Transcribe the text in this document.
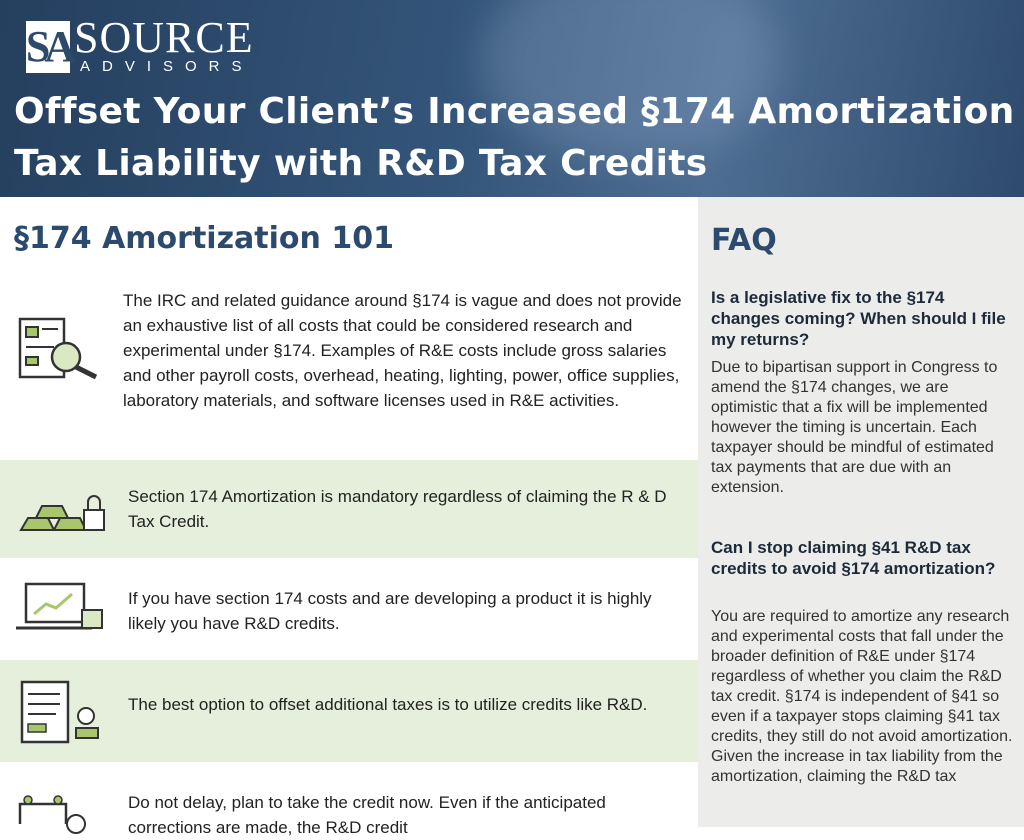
SA SOURCE
ADVISORS
Offset Your Client’s Increased §174 Amortization
Tax Liability with R&D Tax Credits
§174 Amortization 101
The IRC and related guidance around §174 is vague and does not provide an exhaustive list of all costs that could be considered research and experimental under §174. Examples of R&E costs include gross salaries and other payroll costs, overhead, heating, lighting, power, office supplies, laboratory materials, and software licenses used in R&E activities.

Section 174 Amortization is mandatory regardless of claiming the R & D Tax Credit.

If you have section 174 costs and are developing a product it is highly likely you have R&D credits.

The best option to offset additional taxes is to utilize credits like R&D.

Do not delay, plan to take the credit now. Even if the anticipated corrections are made, the R&D credit

FAQ
Is a legislative fix to the §174 changes coming? When should I file my returns?
Due to bipartisan support in Congress to amend the §174 changes, we are optimistic that a fix will be implemented however the timing is uncertain. Each taxpayer should be mindful of estimated tax payments that are due with an extension.
Can I stop claiming §41 R&D tax credits to avoid §174 amortization?
You are required to amortize any research and experimental costs that fall under the broader definition of R&E under §174 regardless of whether you claim the R&D tax credit. §174 is independent of §41 so even if a taxpayer stops claiming §41 tax credits, they still do not avoid amortization. Given the increase in tax liability from the amortization, claiming the R&D tax
